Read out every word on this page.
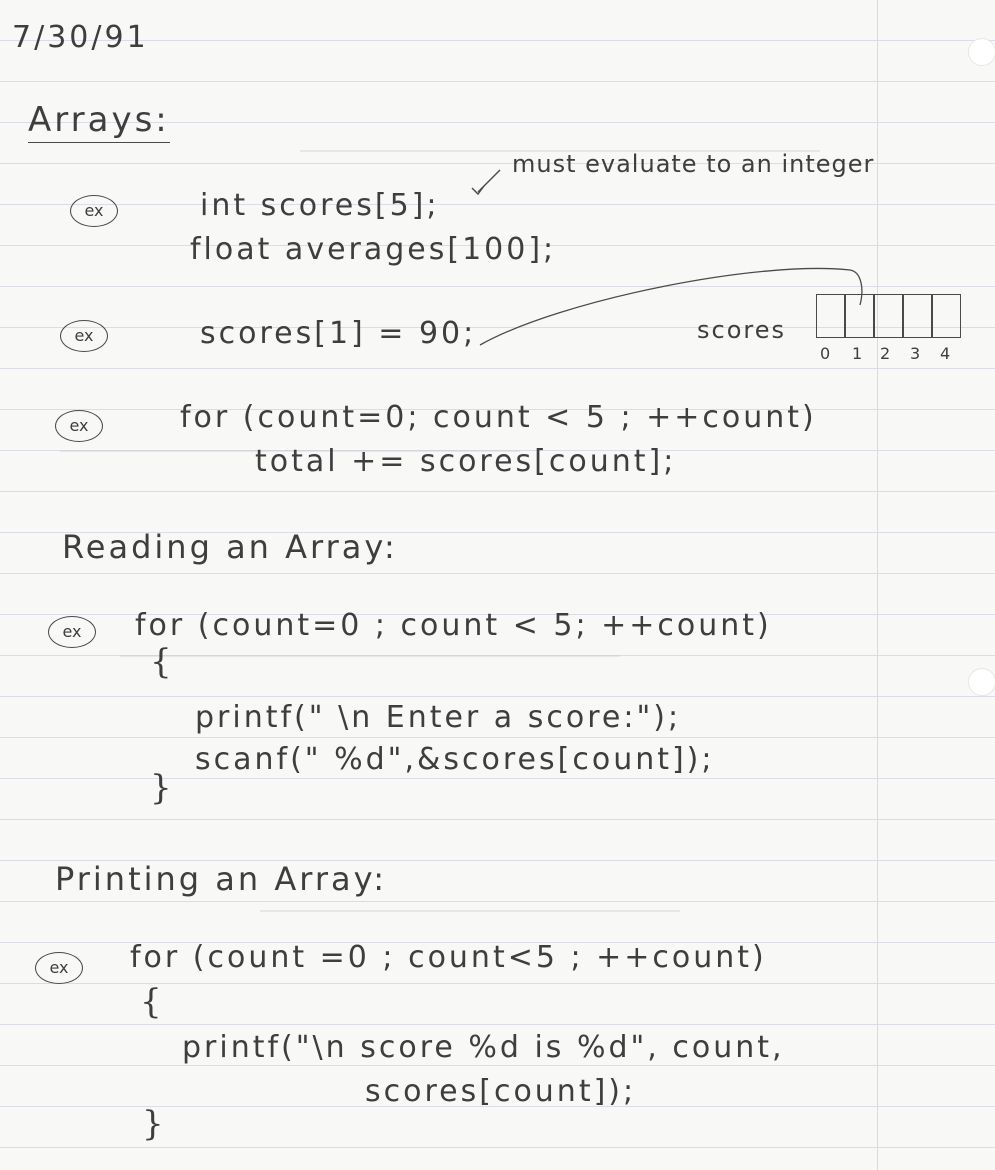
7/30/91
Arrays:
must evaluate to an integer
ex	int scores[5];
float averages[100];
ex	scores[1] = 90;	scores
0 1 2 3 4
ex	for (count=0; count < 5 ; ++count)
total += scores[count];
Reading an Array:
ex	for (count=0 ; count < 5; ++count)
{
printf(" \n Enter a score:");
scanf(" %d",&scores[count]);
}
Printing an Array:
ex	for (count =0 ; count<5 ; ++count)
{
printf("\n score %d is %d", count,
scores[count]);
}
